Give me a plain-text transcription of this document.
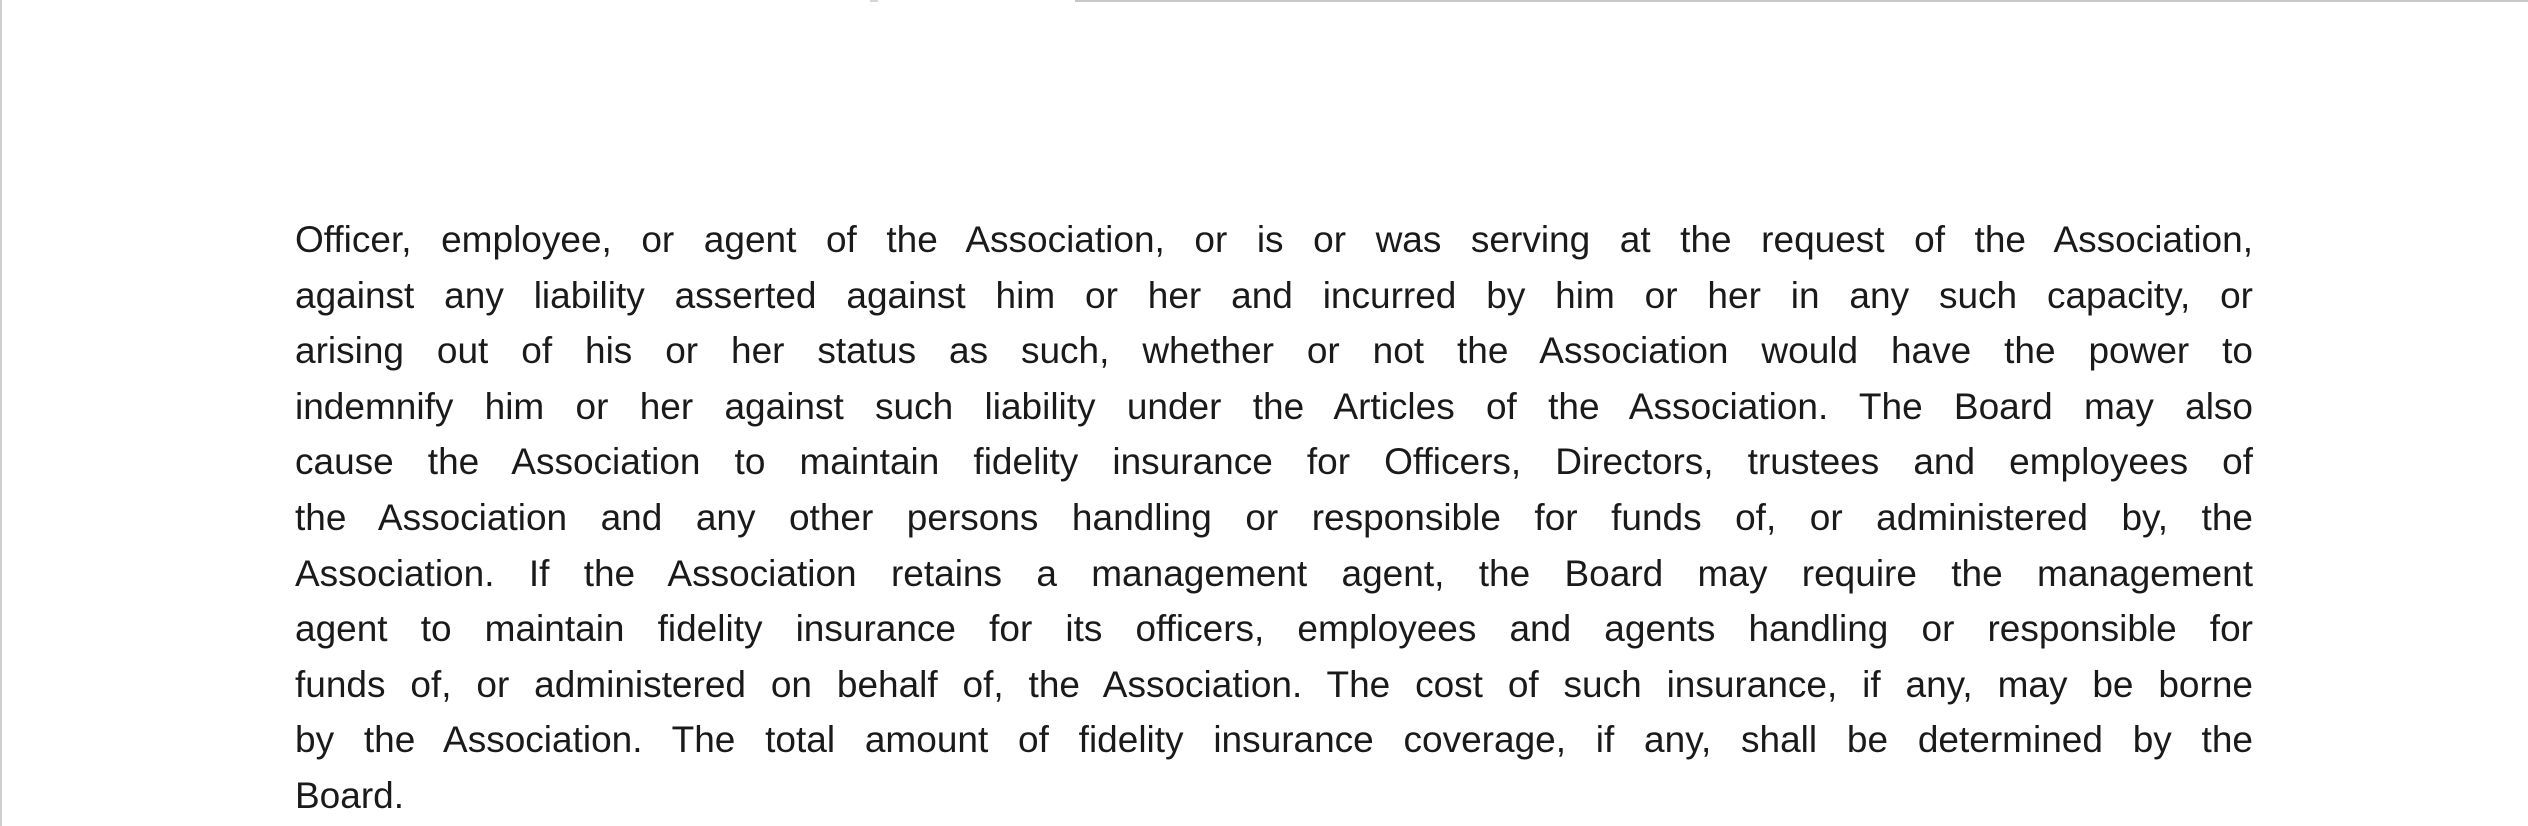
Officer, employee, or agent of the Association, or is or was serving at the request of the Association,
against any liability asserted against him or her and incurred by him or her in any such capacity, or
arising out of his or her status as such, whether or not the Association would have the power to
indemnify him or her against such liability under the Articles of the Association. The Board may also
cause the Association to maintain fidelity insurance for Officers, Directors, trustees and employees of
the Association and any other persons handling or responsible for funds of, or administered by, the
Association. If the Association retains a management agent, the Board may require the management
agent to maintain fidelity insurance for its officers, employees and agents handling or responsible for
funds of, or administered on behalf of, the Association. The cost of such insurance, if any, may be borne
by the Association. The total amount of fidelity insurance coverage, if any, shall be determined by the
Board.
